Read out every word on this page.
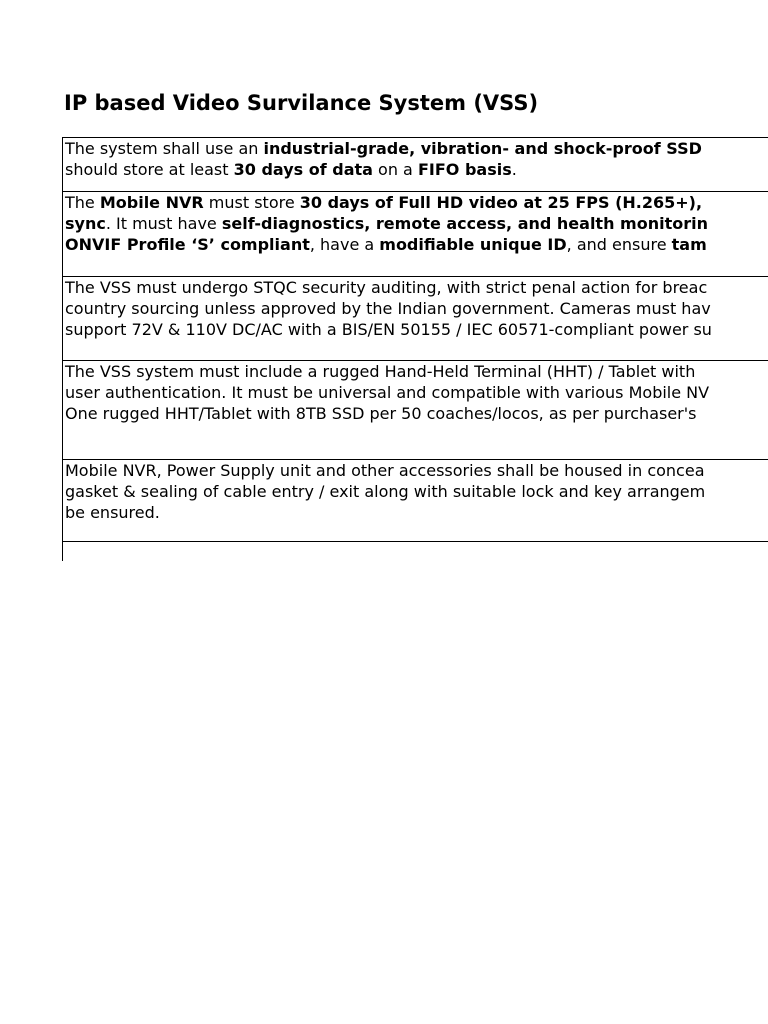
IP based Video Survilance System (VSS)
The system shall use an industrial-grade, vibration- and shock-proof SSD
should store at least 30 days of data on a FIFO basis.
The Mobile NVR must store 30 days of Full HD video at 25 FPS (H.265+),
sync. It must have self-diagnostics, remote access, and health monitorin
ONVIF Profile ‘S’ compliant, have a modifiable unique ID, and ensure tam
The VSS must undergo STQC security auditing, with strict penal action for breac
country sourcing unless approved by the Indian government. Cameras must hav
support 72V & 110V DC/AC with a BIS/EN 50155 / IEC 60571-compliant power su
The VSS system must include a rugged Hand-Held Terminal (HHT) / Tablet with
user authentication. It must be universal and compatible with various Mobile NV
One rugged HHT/Tablet with 8TB SSD per 50 coaches/locos, as per purchaser's
Mobile NVR, Power Supply unit and other accessories shall be housed in concea
gasket & sealing of cable entry / exit along with suitable lock and key arrangem
be ensured.
